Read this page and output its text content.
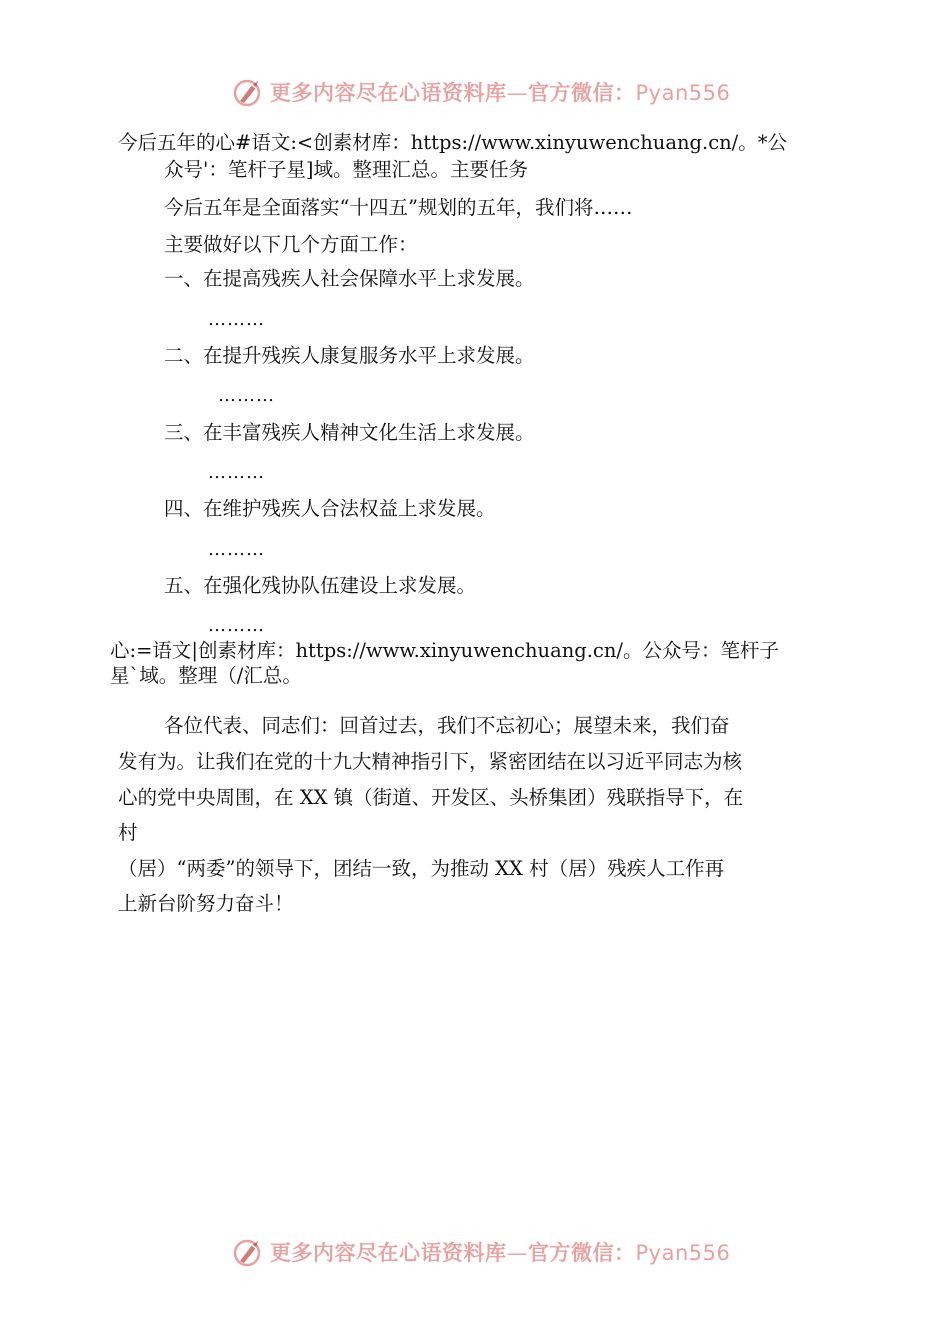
更多内容尽在心语资料库—官方微信：Pyan556
今后五年的心#语文:<创素材库：https://www.xinyuwenchuang.cn/。*公
众号'：笔杆子星]域。整理汇总。主要任务
今后五年是全面落实“十四五”规划的五年，我们将……
主要做好以下几个方面工作：
一、在提高残疾人社会保障水平上求发展。
………
二、在提升残疾人康复服务水平上求发展。
………
三、在丰富残疾人精神文化生活上求发展。
………
四、在维护残疾人合法权益上求发展。
………
五、在强化残协队伍建设上求发展。
………
心:=语文|创素材库：https://www.xinyuwenchuang.cn/。公众号：笔杆子
星`域。整理（/汇总。
各位代表、同志们：回首过去，我们不忘初心；展望未来，我们奋
发有为。让我们在党的十九大精神指引下，紧密团结在以习近平同志为核
心的党中央周围，在 XX 镇（街道、开发区、头桥集团）残联指导下，在
村
（居）“两委”的领导下，团结一致，为推动 XX 村（居）残疾人工作再
上新台阶努力奋斗！
更多内容尽在心语资料库—官方微信：Pyan556
